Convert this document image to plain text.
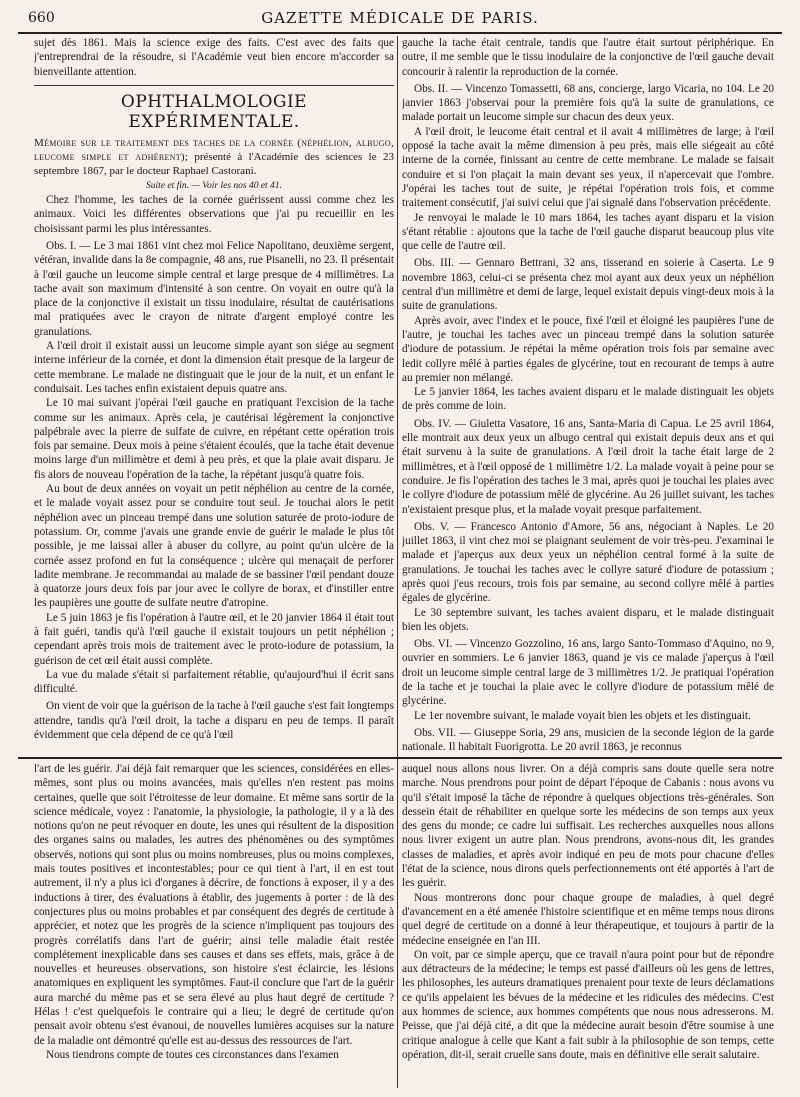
660	GAZETTE MÉDICALE DE PARIS.

sujet dès 1861. Mais la science exige des faits. C'est avec des faits que j'entreprendrai de la résoudre, si l'Académie veut bien encore m'accorder sa bienveillante attention.

OPHTHALMOLOGIE EXPÉRIMENTALE.

Mémoire sur le traitement des taches de la cornée (néphélion, albugo, leucome simple et adhérent); présenté à l'Académie des sciences le 23 septembre 1867, par le docteur Raphael Castorani.

Suite et fin. — Voir les nos 40 et 41.

Chez l'homme, les taches de la cornée guérissent aussi comme chez les animaux. Voici les différentes observations que j'ai pu recueillir en les choisissant parmi les plus intéressantes.

Obs. I. — Le 3 mai 1861 vint chez moi Felice Napolitano, deuxième sergent, vétéran, invalide dans la 8e compagnie, 48 ans, rue Pisanelli, no 23. Il présentait à l'œil gauche un leucome simple central et large presque de 4 millimètres. La tache avait son maximum d'intensité à son centre. On voyait en outre qu'à la place de la conjonctive il existait un tissu inodulaire, résultat de cautérisations mal pratiquées avec le crayon de nitrate d'argent employé contre les granulations.

A l'œil droit il existait aussi un leucome simple ayant son siége au segment interne inférieur de la cornée, et dont la dimension était presque de la largeur de cette membrane. Le malade ne distinguait que le jour de la nuit, et un enfant le conduisait. Les taches enfin existaient depuis quatre ans.

Le 10 mai suivant j'opérai l'œil gauche en pratiquant l'excision de la tache comme sur les animaux. Après cela, je cautérisai légèrement la conjonctive palpébrale avec la pierre de sulfate de cuivre, en répétant cette opération trois fois par semaine. Deux mois à peine s'étaient écoulés, que la tache était devenue moins large d'un millimètre et demi à peu près, et que la plaie avait disparu. Je fis alors de nouveau l'opération de la tache, la répétant jusqu'à quatre fois.

Au bout de deux années on voyait un petit néphélion au centre de la cornée, et le malade voyait assez pour se conduire tout seul. Je touchai alors le petit néphélion avec un pinceau trempé dans une solution saturée de proto-iodure de potassium. Or, comme j'avais une grande envie de guérir le malade le plus tôt possible, je me laissai aller à abuser du collyre, au point qu'un ulcère de la cornée assez profond en fut la conséquence ; ulcère qui menaçait de perforer ladite membrane. Je recommandai au malade de se bassiner l'œil pendant douze à quatorze jours deux fois par jour avec le collyre de borax, et d'instiller entre les paupières une goutte de sulfate neutre d'atropine.

Le 5 juin 1863 je fis l'opération à l'autre œil, et le 20 janvier 1864 il était tout à fait guéri, tandis qu'à l'œil gauche il existait toujours un petit néphélion ; cependant après trois mois de traitement avec le proto-iodure de potassium, la guérison de cet œil était aussi complète.

La vue du malade s'était si parfaitement rétablie, qu'aujourd'hui il écrit sans difficulté.

On vient de voir que la guérison de la tache à l'œil gauche s'est fait longtemps attendre, tandis qu'à l'œil droit, la tache a disparu en peu de temps. Il paraît évidemment que cela dépend de ce qu'à l'œil

gauche la tache était centrale, tandis que l'autre était surtout périphérique. En outre, il me semble que le tissu inodulaire de la conjonctive de l'œil gauche devait concourir à ralentir la reproduction de la cornée.

Obs. II. — Vincenzo Tomassetti, 68 ans, concierge, largo Vicaria, no 104. Le 20 janvier 1863 j'observai pour la première fois qu'à la suite de granulations, ce malade portait un leucome simple sur chacun des deux yeux.

A l'œil droit, le leucome était central et il avait 4 millimètres de large; à l'œil opposé la tache avait la même dimension à peu près, mais elle siégeait au côté interne de la cornée, finissant au centre de cette membrane. Le malade se faisait conduire et si l'on plaçait la main devant ses yeux, il n'apercevait que l'ombre. J'opérai les taches tout de suite, je répétai l'opération trois fois, et comme traitement consécutif, j'ai suivi celui que j'ai signalé dans l'observation précédente.

Je renvoyai le malade le 10 mars 1864, les taches ayant disparu et la vision s'étant rétablie : ajoutons que la tache de l'œil gauche disparut beaucoup plus vite que celle de l'autre œil.

Obs. III. — Gennaro Bettrani, 32 ans, tisserand en soierie à Caserta. Le 9 novembre 1863, celui-ci se présenta chez moi ayant aux deux yeux un néphélion central d'un millimètre et demi de large, lequel existait depuis vingt-deux mois à la suite de granulations.

Après avoir, avec l'index et le pouce, fixé l'œil et éloigné les paupières l'une de l'autre, je touchai les taches avec un pinceau trempé dans la solution saturée d'iodure de potassium. Je répétai la même opération trois fois par semaine avec ledit collyre mêlé à parties égales de glycérine, tout en recourant de temps à autre au premier non mélangé.

Le 5 janvier 1864, les taches avaient disparu et le malade distinguait les objets de près comme de loin.

Obs. IV. — Giuletta Vasatore, 16 ans, Santa-Maria di Capua. Le 25 avril 1864, elle montrait aux deux yeux un albugo central qui existait depuis deux ans et qui était survenu à la suite de granulations. A l'œil droit la tache était large de 2 millimètres, et à l'œil opposé de 1 millimètre 1/2. La malade voyait à peine pour se conduire. Je fis l'opération des taches le 3 mai, après quoi je touchai les plaies avec le collyre d'iodure de potassium mêlé de glycérine. Au 26 juillet suivant, les taches n'existaient presque plus, et la malade voyait presque parfaitement.

Obs. V. — Francesco Antonio d'Amore, 56 ans, négociant à Naples. Le 20 juillet 1863, il vint chez moi se plaignant seulement de voir très-peu. J'examinai le malade et j'aperçus aux deux yeux un néphélion central formé à la suite de granulations. Je touchai les taches avec le collyre saturé d'iodure de potassium ; après quoi j'eus recours, trois fois par semaine, au second collyre mêlé à parties égales de glycérine.

Le 30 septembre suivant, les taches avaient disparu, et le malade distinguait bien les objets.

Obs. VI. — Vincenzo Gozzolino, 16 ans, largo Santo-Tommaso d'Aquino, no 9, ouvrier en sommiers. Le 6 janvier 1863, quand je vis ce malade j'aperçus à l'œil droit un leucome simple central large de 3 millimètres 1/2. Je pratiquai l'opération de la tache et je touchai la plaie avec le collyre d'iodure de potassium mêlé de glycérine.

Le 1er novembre suivant, le malade voyait bien les objets et les distinguait.

Obs. VII. — Giuseppe Soria, 29 ans, musicien de la seconde légion de la garde nationale. Il habitait Fuorigrotta. Le 20 avril 1863, je reconnus

l'art de les guérir. J'ai déjà fait remarquer que les sciences, considérées en elles-mêmes, sont plus ou moins avancées, mais qu'elles n'en restent pas moins certaines, quelle que soit l'étroitesse de leur domaine. Et même sans sortir de la science médicale, voyez : l'anatomie, la physiologie, la pathologie, il y a là des notions qu'on ne peut révoquer en doute, les unes qui résultent de la disposition des organes sains ou malades, les autres des phénomènes ou des symptômes observés, notions qui sont plus ou moins nombreuses, plus ou moins complexes, mais toutes positives et incontestables; pour ce qui tient à l'art, il en est tout autrement, il n'y a plus ici d'organes à décrire, de fonctions à exposer, il y a des inductions à tirer, des évaluations à établir, des jugements à porter : de là des conjectures plus ou moins probables et par conséquent des degrés de certitude à apprécier, et notez que les progrès de la science n'impliquent pas toujours des progrès corrélatifs dans l'art de guérir; ainsi telle maladie était restée complétement inexplicable dans ses causes et dans ses effets, mais, grâce à de nouvelles et heureuses observations, son histoire s'est éclaircie, les lésions anatomiques en expliquent les symptômes. Faut-il conclure que l'art de la guérir aura marché du même pas et se sera élevé au plus haut degré de certitude ? Hélas ! c'est quelquefois le contraire qui a lieu; le degré de certitude qu'on pensait avoir obtenu s'est évanoui, de nouvelles lumières acquises sur la nature de la maladie ont démontré qu'elle est au-dessus des ressources de l'art.

Nous tiendrons compte de toutes ces circonstances dans l'examen

auquel nous allons nous livrer. On a déjà compris sans doute quelle sera notre marche. Nous prendrons pour point de départ l'époque de Cabanis : nous avons vu qu'il s'était imposé la tâche de répondre à quelques objections très-générales. Son dessein était de réhabiliter en quelque sorte les médecins de son temps aux yeux des gens du monde; ce cadre lui suffisait. Les recherches auxquelles nous allons nous livrer exigent un autre plan. Nous prendrons, avons-nous dit, les grandes classes de maladies, et après avoir indiqué en peu de mots pour chacune d'elles l'état de la science, nous dirons quels perfectionnements ont été apportés à l'art de les guérir.

Nous montrerons donc pour chaque groupe de maladies, à quel degré d'avancement en a été amenée l'histoire scientifique et en même temps nous dirons quel degré de certitude on a donné à leur thérapeutique, et toujours à partir de la médecine enseignée en l'an III.

On voit, par ce simple aperçu, que ce travail n'aura point pour but de répondre aux détracteurs de la médecine; le temps est passé d'ailleurs où les gens de lettres, les philosophes, les auteurs dramatiques prenaient pour texte de leurs déclamations ce qu'ils appelaient les bévues de la médecine et les ridicules des médecins. C'est aux hommes de science, aux hommes compétents que nous nous adresserons. M. Peisse, que j'ai déjà cité, a dit que la médecine aurait besoin d'être soumise à une critique analogue à celle que Kant a fait subir à la philosophie de son temps, cette opération, dit-il, serait cruelle sans doute, mais en définitive elle serait salutaire.
